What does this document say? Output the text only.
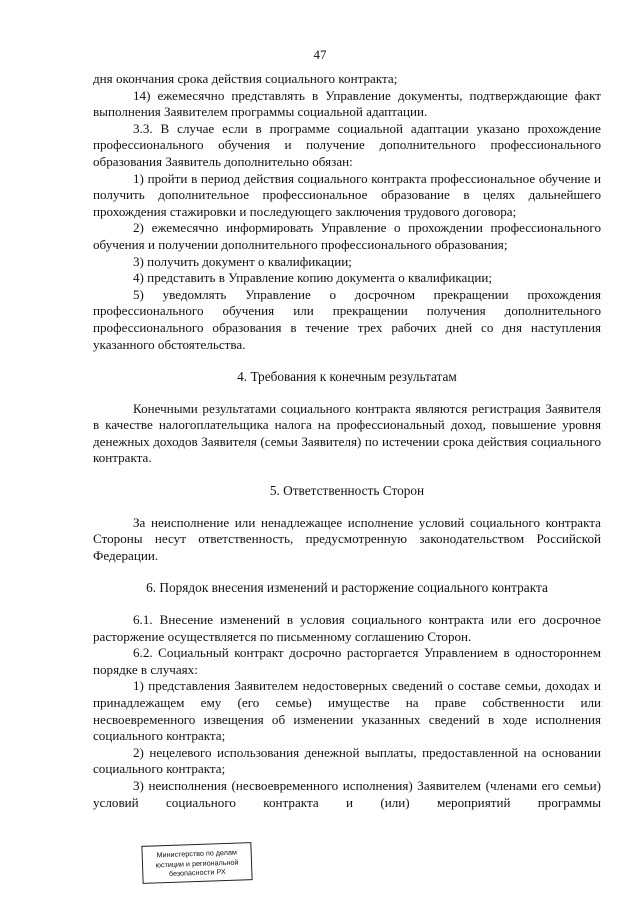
47

дня окончания срока действия социального контракта;

14) ежемесячно представлять в Управление документы, подтверждающие факт выполнения Заявителем программы социальной адаптации.

3.3. В случае если в программе социальной адаптации указано прохождение профессионального обучения и получение дополнительного профессионального образования Заявитель дополнительно обязан:

1) пройти в период действия социального контракта профессиональное обучение и получить дополнительное профессиональное образование в целях дальнейшего прохождения стажировки и последующего заключения трудового договора;

2) ежемесячно информировать Управление о прохождении профессионального обучения и получении дополнительного профессионального образования;

3) получить документ о квалификации;

4) представить в Управление копию документа о квалификации;

5) уведомлять Управление о досрочном прекращении прохождения профессионального обучения или прекращении получения дополнительного профессионального образования в течение трех рабочих дней со дня наступления указанного обстоятельства.

4. Требования к конечным результатам

Конечными результатами социального контракта являются регистрация Заявителя в качестве налогоплательщика налога на профессиональный доход, повышение уровня денежных доходов Заявителя (семьи Заявителя) по истечении срока действия социального контракта.

5. Ответственность Сторон

За неисполнение или ненадлежащее исполнение условий социального контракта Стороны несут ответственность, предусмотренную законодательством Российской Федерации.

6. Порядок внесения изменений и расторжение социального контракта

6.1. Внесение изменений в условия социального контракта или его досрочное расторжение осуществляется по письменному соглашению Сторон.

6.2. Социальный контракт досрочно расторгается Управлением в одностороннем порядке в случаях:

1) представления Заявителем недостоверных сведений о составе семьи, доходах и принадлежащем ему (его семье) имуществе на праве собственности или несвоевременного извещения об изменении указанных сведений в ходе исполнения социального контракта;

2) нецелевого использования денежной выплаты, предоставленной на основании социального контракта;

3) неисполнения (несвоевременного исполнения) Заявителем (членами его семьи) условий социального контракта и (или) мероприятий программы

Министерство по делам
юстиции и региональной
безопасности РХ
